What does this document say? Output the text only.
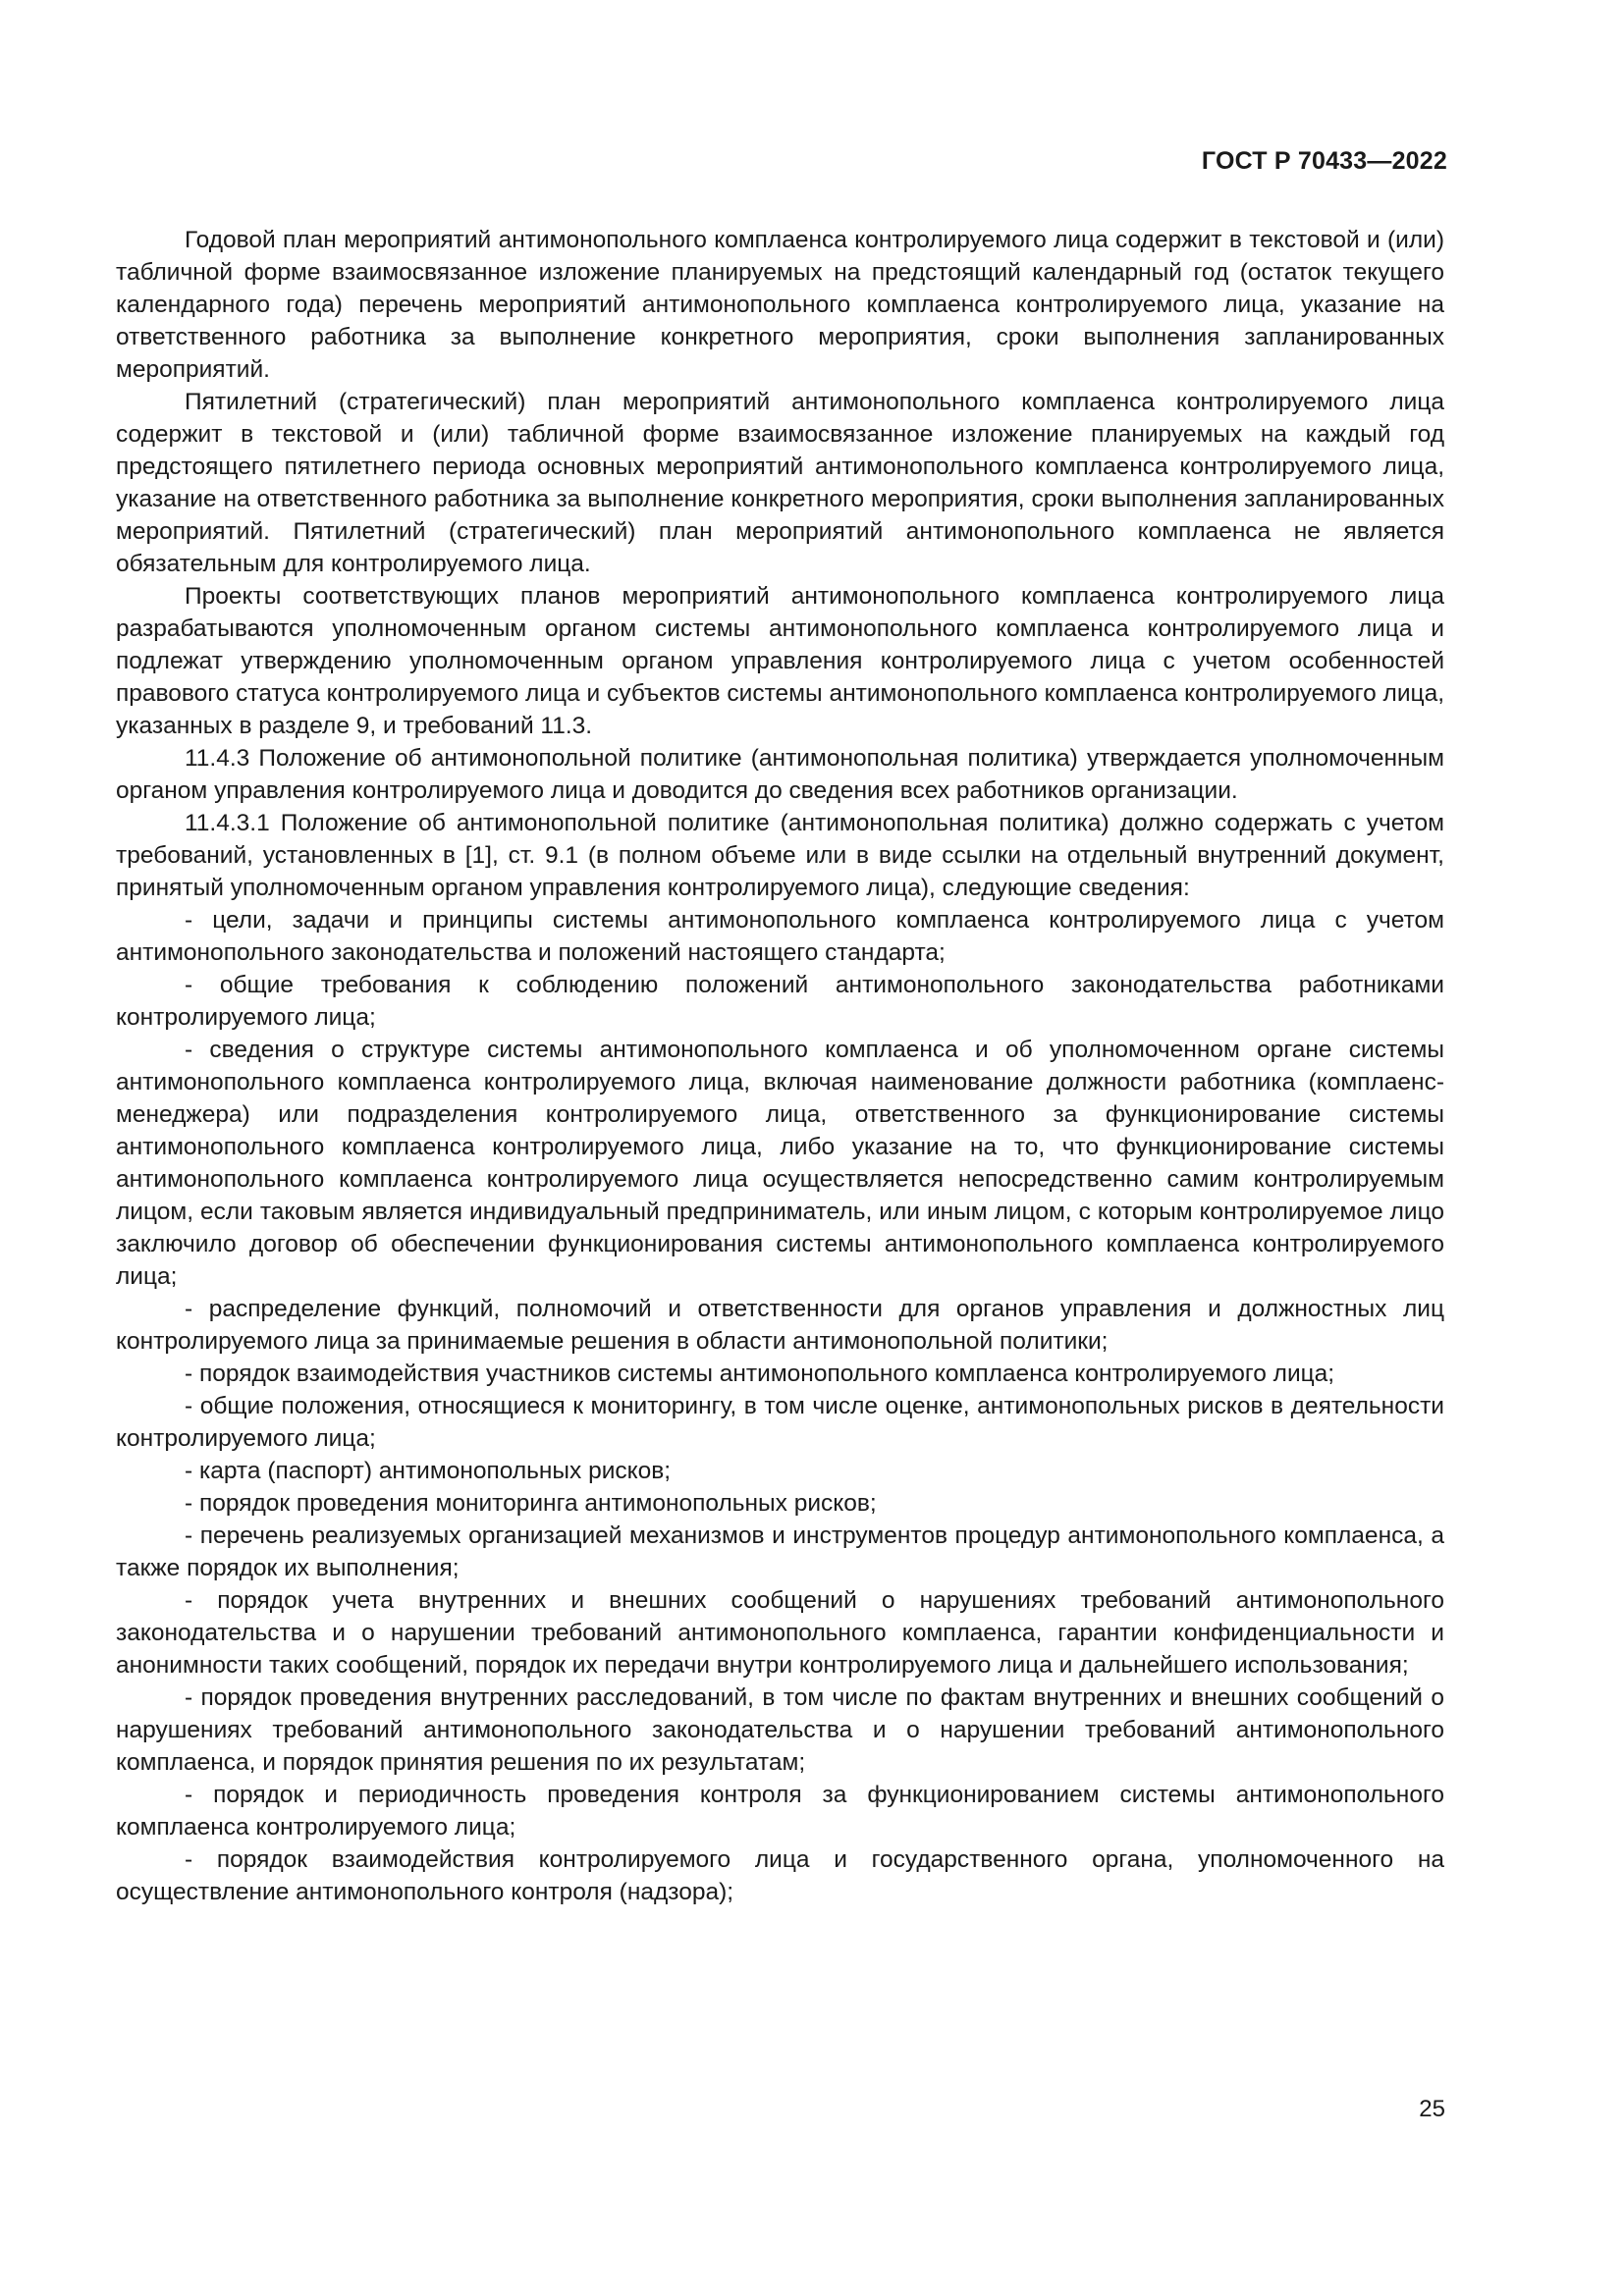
ГОСТ Р 70433—2022

Годовой план мероприятий антимонопольного комплаенса контролируемого лица содержит в текстовой и (или) табличной форме взаимосвязанное изложение планируемых на предстоящий календарный год (остаток текущего календарного года) перечень мероприятий антимонопольного комплаенса контролируемого лица, указание на ответственного работника за выполнение конкретного мероприятия, сроки выполнения запланированных мероприятий.

Пятилетний (стратегический) план мероприятий антимонопольного комплаенса контролируемого лица содержит в текстовой и (или) табличной форме взаимосвязанное изложение планируемых на каждый год предстоящего пятилетнего периода основных мероприятий антимонопольного комплаенса контролируемого лица, указание на ответственного работника за выполнение конкретного мероприятия, сроки выполнения запланированных мероприятий. Пятилетний (стратегический) план мероприятий антимонопольного комплаенса не является обязательным для контролируемого лица.

Проекты соответствующих планов мероприятий антимонопольного комплаенса контролируемого лица разрабатываются уполномоченным органом системы антимонопольного комплаенса контролируемого лица и подлежат утверждению уполномоченным органом управления контролируемого лица с учетом особенностей правового статуса контролируемого лица и субъектов системы антимонопольного комплаенса контролируемого лица, указанных в разделе 9, и требований 11.3.

11.4.3 Положение об антимонопольной политике (антимонопольная политика) утверждается уполномоченным органом управления контролируемого лица и доводится до сведения всех работников организации.

11.4.3.1 Положение об антимонопольной политике (антимонопольная политика) должно содержать с учетом требований, установленных в [1], ст. 9.1 (в полном объеме или в виде ссылки на отдельный внутренний документ, принятый уполномоченным органом управления контролируемого лица), следующие сведения:

- цели, задачи и принципы системы антимонопольного комплаенса контролируемого лица с учетом антимонопольного законодательства и положений настоящего стандарта;

- общие требования к соблюдению положений антимонопольного законодательства работниками контролируемого лица;

- сведения о структуре системы антимонопольного комплаенса и об уполномоченном органе системы антимонопольного комплаенса контролируемого лица, включая наименование должности работника (комплаенс-менеджера) или подразделения контролируемого лица, ответственного за функционирование системы антимонопольного комплаенса контролируемого лица, либо указание на то, что функционирование системы антимонопольного комплаенса контролируемого лица осуществляется непосредственно самим контролируемым лицом, если таковым является индивидуальный предприниматель, или иным лицом, с которым контролируемое лицо заключило договор об обеспечении функционирования системы антимонопольного комплаенса контролируемого лица;

- распределение функций, полномочий и ответственности для органов управления и должностных лиц контролируемого лица за принимаемые решения в области антимонопольной политики;

- порядок взаимодействия участников системы антимонопольного комплаенса контролируемого лица;

- общие положения, относящиеся к мониторингу, в том числе оценке, антимонопольных рисков в деятельности контролируемого лица;

- карта (паспорт) антимонопольных рисков;

- порядок проведения мониторинга антимонопольных рисков;

- перечень реализуемых организацией механизмов и инструментов процедур антимонопольного комплаенса, а также порядок их выполнения;

- порядок учета внутренних и внешних сообщений о нарушениях требований антимонопольного законодательства и о нарушении требований антимонопольного комплаенса, гарантии конфиденциальности и анонимности таких сообщений, порядок их передачи внутри контролируемого лица и дальнейшего использования;

- порядок проведения внутренних расследований, в том числе по фактам внутренних и внешних сообщений о нарушениях требований антимонопольного законодательства и о нарушении требований антимонопольного комплаенса, и порядок принятия решения по их результатам;

- порядок и периодичность проведения контроля за функционированием системы антимонопольного комплаенса контролируемого лица;

- порядок взаимодействия контролируемого лица и государственного органа, уполномоченного на осуществление антимонопольного контроля (надзора);

25
